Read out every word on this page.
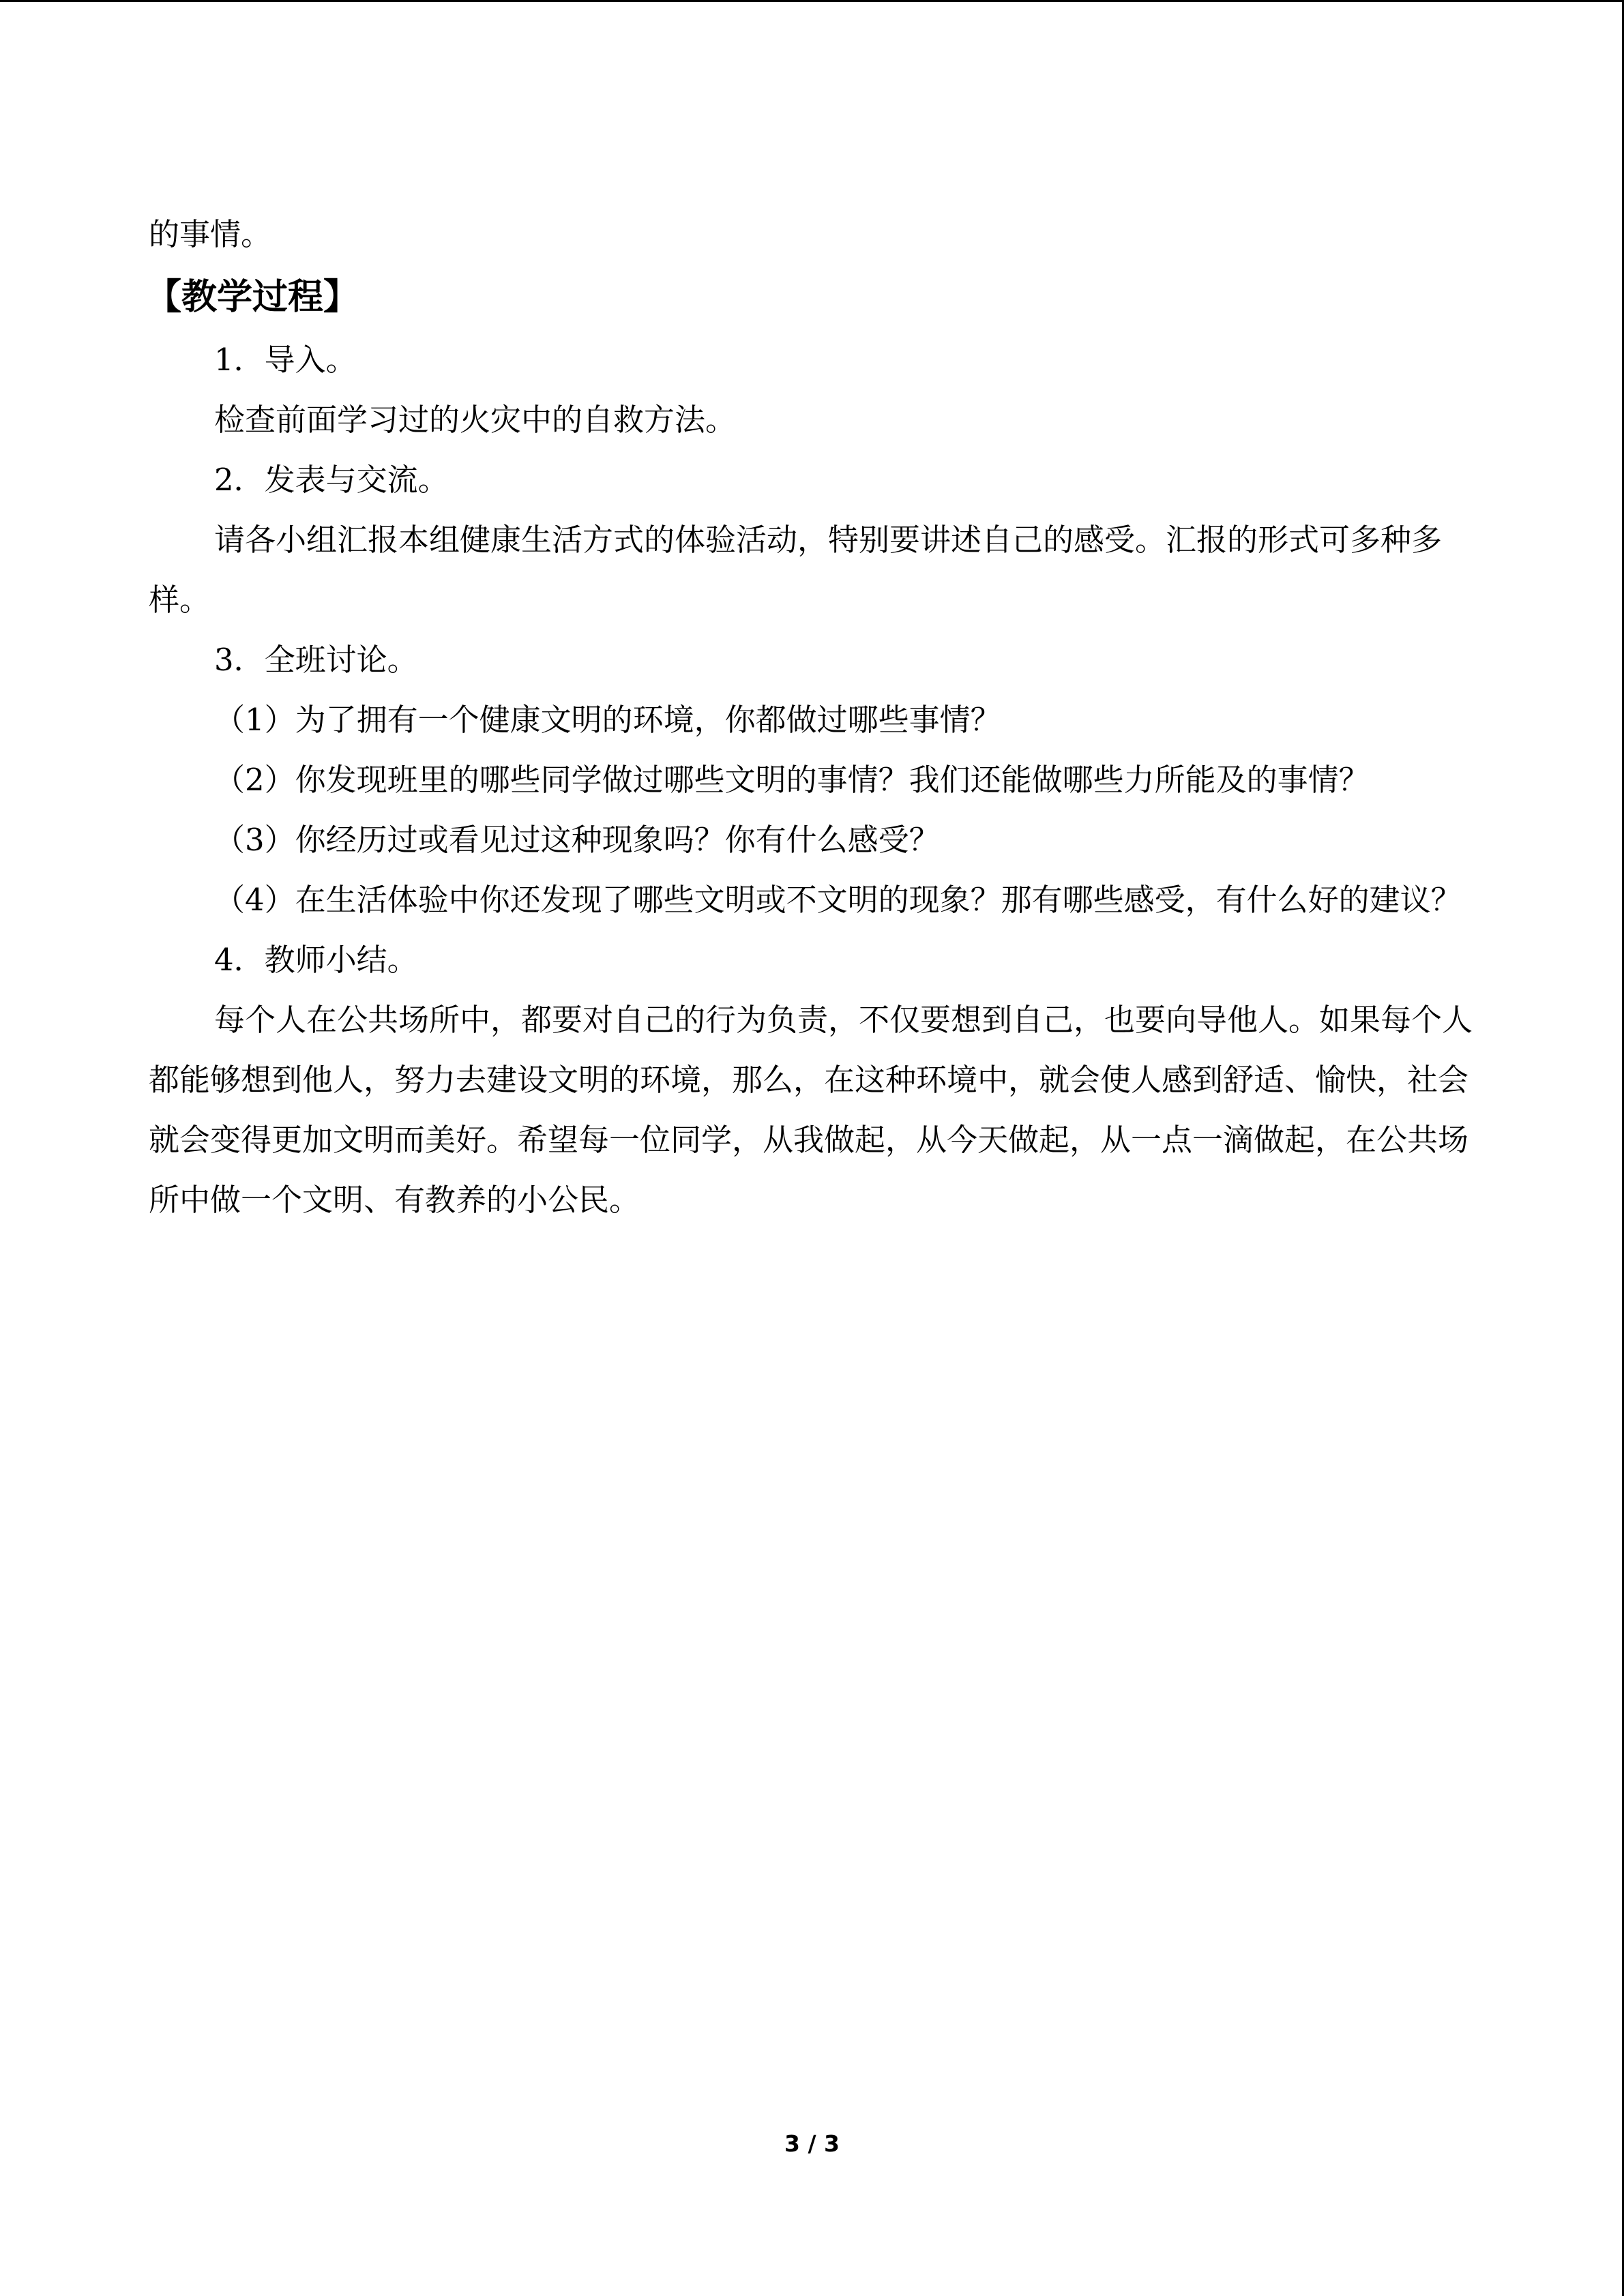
的事情。

【教学过程】

1．导入。

检查前面学习过的火灾中的自救方法。

2．发表与交流。

请各小组汇报本组健康生活方式的体验活动，特别要讲述自己的感受。汇报的形式可多种多样。

3．全班讨论。

（1）为了拥有一个健康文明的环境，你都做过哪些事情？

（2）你发现班里的哪些同学做过哪些文明的事情？我们还能做哪些力所能及的事情？

（3）你经历过或看见过这种现象吗？你有什么感受？

（4）在生活体验中你还发现了哪些文明或不文明的现象？那有哪些感受，有什么好的建议？

4．教师小结。

每个人在公共场所中，都要对自己的行为负责，不仅要想到自己，也要向导他人。如果每个人都能够想到他人，努力去建设文明的环境，那么，在这种环境中，就会使人感到舒适、愉快，社会就会变得更加文明而美好。希望每一位同学，从我做起，从今天做起，从一点一滴做起，在公共场所中做一个文明、有教养的小公民。

3 / 3
